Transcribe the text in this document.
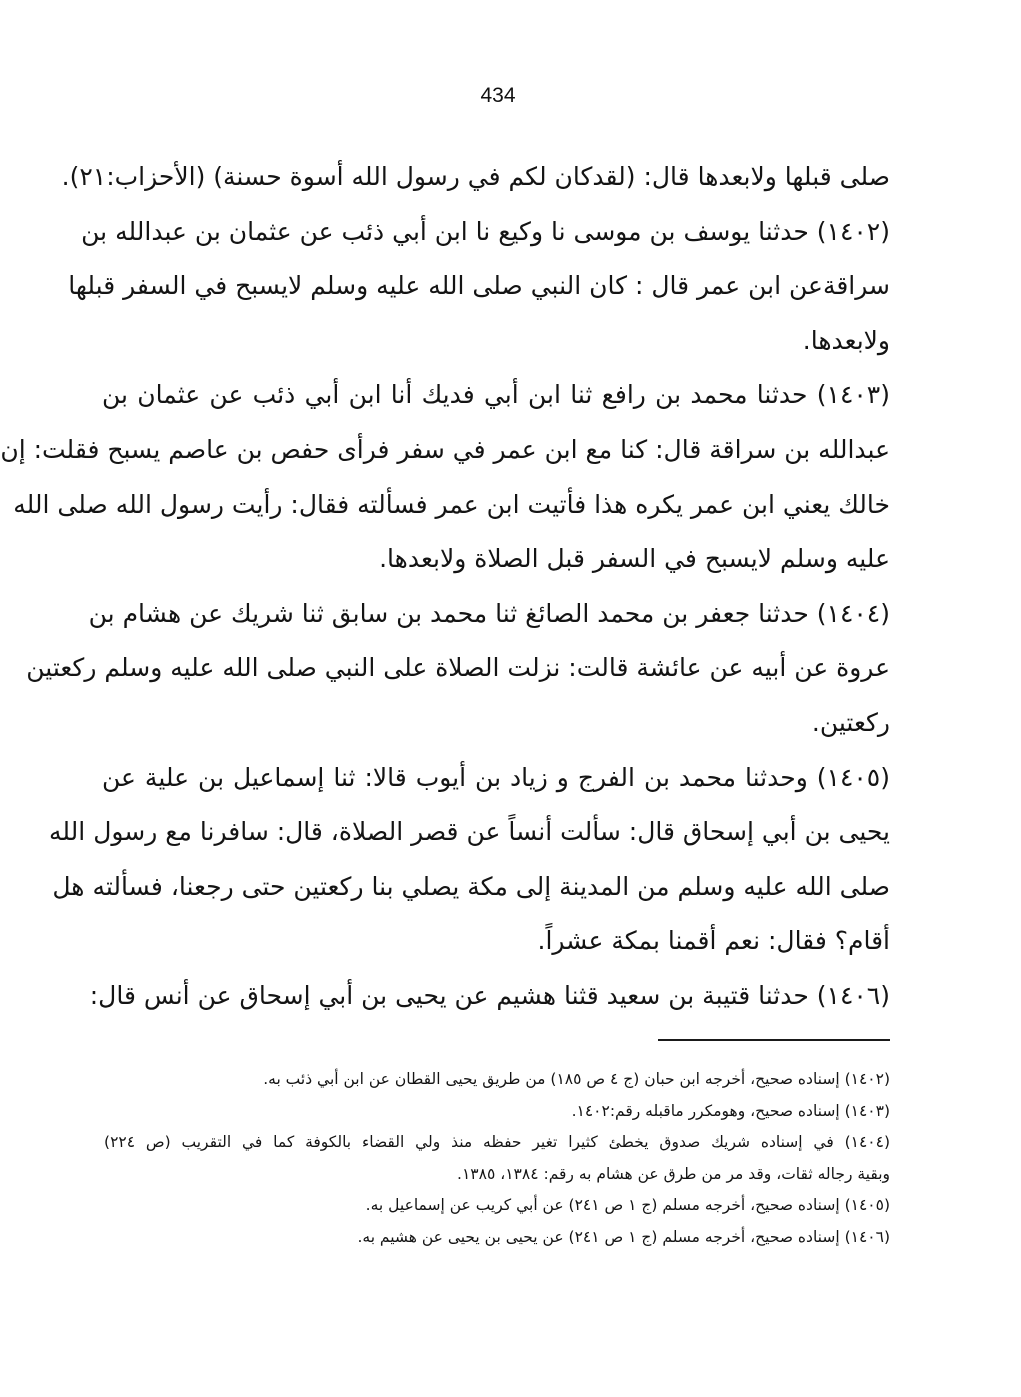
434
صلى قبلها ولابعدها قال: (لقدكان لكم في رسول الله أسوة حسنة) (الأحزاب:٢١).
(١٤٠٢) حدثنا يوسف بن موسى نا وكيع نا ابن أبي ذئب عن عثمان بن عبدالله بن
سراقةعن ابن عمر قال : كان النبي صلى الله عليه وسلم لايسبح في السفر قبلها
ولابعدها.
(١٤٠٣) حدثنا محمد بن رافع ثنا ابن أبي فديك أنا ابن أبي ذئب عن عثمان بن
عبدالله بن سراقة قال: كنا مع ابن عمر في سفر فرأى حفص بن عاصم يسبح فقلت: إن
خالك يعني ابن عمر يكره هذا فأتيت ابن عمر فسألته فقال: رأيت رسول الله صلى الله
عليه وسلم لايسبح في السفر قبل الصلاة ولابعدها.
(١٤٠٤) حدثنا جعفر بن محمد الصائغ ثنا محمد بن سابق ثنا شريك عن هشام بن
عروة عن أبيه عن عائشة قالت: نزلت الصلاة على النبي صلى الله عليه وسلم ركعتين
ركعتين.
(١٤٠٥) وحدثنا محمد بن الفرج و زياد بن أيوب قالا: ثنا إسماعيل بن علية عن
يحيى بن أبي إسحاق قال: سألت أنساً عن قصر الصلاة، قال: سافرنا مع رسول الله
صلى الله عليه وسلم من المدينة إلى مكة يصلي بنا ركعتين حتى رجعنا، فسألته هل
أقام؟ فقال: نعم أقمنا بمكة عشراً.
(١٤٠٦) حدثنا قتيبة بن سعيد قثنا هشيم عن يحيى بن أبي إسحاق عن أنس قال:
(١٤٠٢) إسناده صحيح، أخرجه ابن حبان (ج ٤ ص ١٨٥) من طريق يحيى القطان عن ابن أبي ذئب به.
(١٤٠٣) إسناده صحيح، وهومكرر ماقبله رقم:١٤٠٢.
(١٤٠٤) في إسناده شريك صدوق يخطئ كثيرا تغير حفظه منذ ولي القضاء بالكوفة كما في التقريب (ص ٢٢٤)
وبقية رجاله ثقات، وقد مر من طرق عن هشام به رقم: ١٣٨٤، ١٣٨٥.
(١٤٠٥) إسناده صحيح، أخرجه مسلم (ج ١ ص ٢٤١) عن أبي كريب عن إسماعيل به.
(١٤٠٦) إسناده صحيح، أخرجه مسلم (ج ١ ص ٢٤١) عن يحيى بن يحيى عن هشيم به.
